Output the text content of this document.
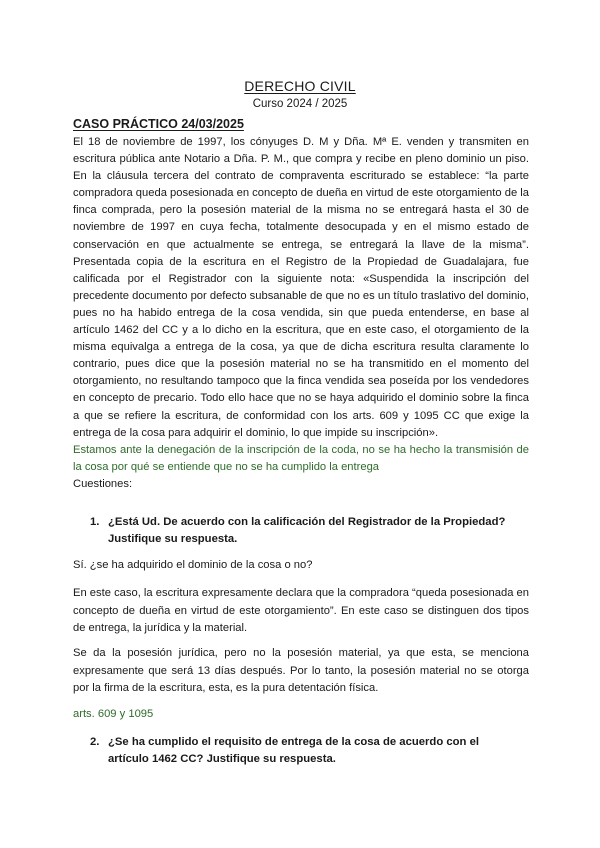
DERECHO CIVIL
Curso 2024 / 2025
CASO PRÁCTICO 24/03/2025

El 18 de noviembre de 1997, los cónyuges D. M y Dña. Mª E. venden y transmiten en escritura pública ante Notario a Dña. P. M., que compra y recibe en pleno dominio un piso. En la cláusula tercera del contrato de compraventa escriturado se establece: “la parte compradora queda posesionada en concepto de dueña en virtud de este otorgamiento de la finca comprada, pero la posesión material de la misma no se entregará hasta el 30 de noviembre de 1997 en cuya fecha, totalmente desocupada y en el mismo estado de conservación en que actualmente se entrega, se entregará la llave de la misma”. Presentada copia de la escritura en el Registro de la Propiedad de Guadalajara, fue calificada por el Registrador con la siguiente nota: «Suspendida la inscripción del precedente documento por defecto subsanable de que no es un título traslativo del dominio, pues no ha habido entrega de la cosa vendida, sin que pueda entenderse, en base al artículo 1462 del CC y a lo dicho en la escritura, que en este caso, el otorgamiento de la misma equivalga a entrega de la cosa, ya que de dicha escritura resulta claramente lo contrario, pues dice que la posesión material no se ha transmitido en el momento del otorgamiento, no resultando tampoco que la finca vendida sea poseída por los vendedores en concepto de precario. Todo ello hace que no se haya adquirido el dominio sobre la finca a que se refiere la escritura, de conformidad con los arts. 609 y 1095 CC que exige la entrega de la cosa para adquirir el dominio, lo que impide su inscripción».

Estamos ante la denegación de la inscripción de la coda, no se ha hecho la transmisión de la cosa por qué se entiende que no se ha cumplido la entrega

Cuestiones:

1. ¿Está Ud. De acuerdo con la calificación del Registrador de la Propiedad? Justifique su respuesta.
Sí. ¿se ha adquirido el dominio de la cosa o no?
En este caso, la escritura expresamente declara que la compradora “queda posesionada en concepto de dueña en virtud de este otorgamiento”. En este caso se distinguen dos tipos de entrega, la jurídica y la material.
Se da la posesión jurídica, pero no la posesión material, ya que esta, se menciona expresamente que será 13 días después. Por lo tanto, la posesión material no se otorga por la firma de la escritura, esta, es la pura detentación física.
arts. 609 y 1095
2. ¿Se ha cumplido el requisito de entrega de la cosa de acuerdo con el artículo 1462 CC? Justifique su respuesta.
